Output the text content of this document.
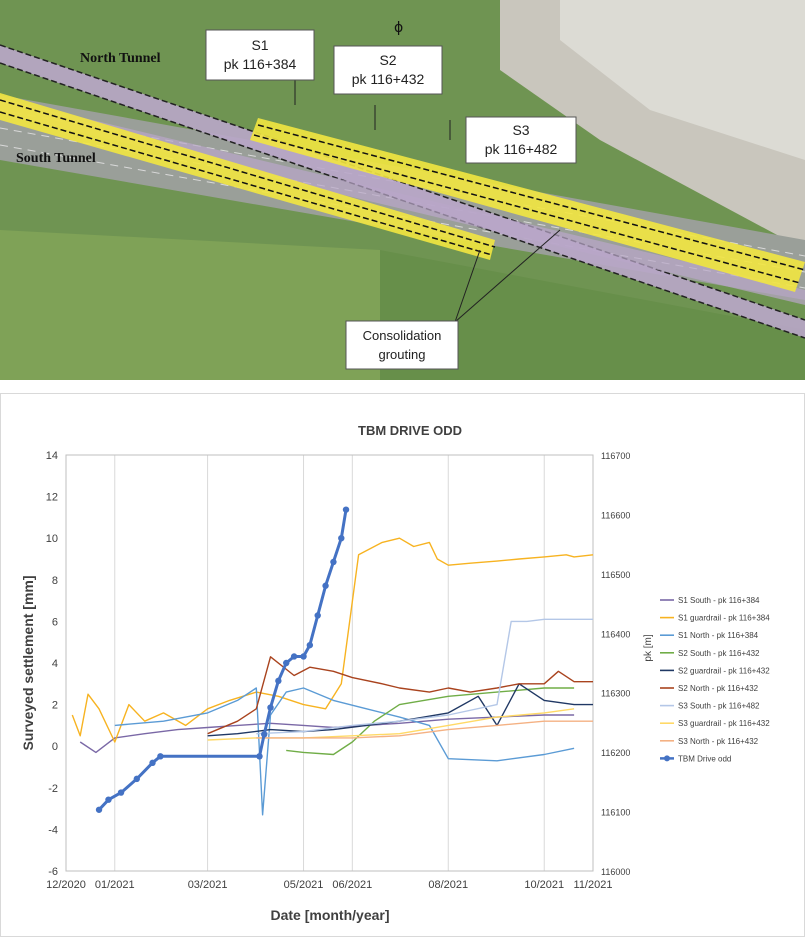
North Tunnel
South Tunnel
ɸ
S1
pk 116+384	S2
pk 116+432
S3
pk 116+482
Consolidation
grouting
TBM DRIVE ODD
12/2020 01/2021	03/2021	05/2021 06/2021	08/2021	10/2021 11/2021
14
12
10
8
6
4
2
0
-2
-4
-6
116700
116600
116500
116400
116300
116200
116100
116000
Surveyed settlement [mm]	pk [m]
Date [month/year]
S1 South - pk 116+384
S1 guardrail - pk 116+384
S1 North - pk 116+384
S2 South - pk 116+432
S2 guardrail - pk 116+432
S2 North - pk 116+432
S3 South - pk 116+482
S3 guardrail - pk 116+432
S3 North - pk 116+432
TBM Drive odd
